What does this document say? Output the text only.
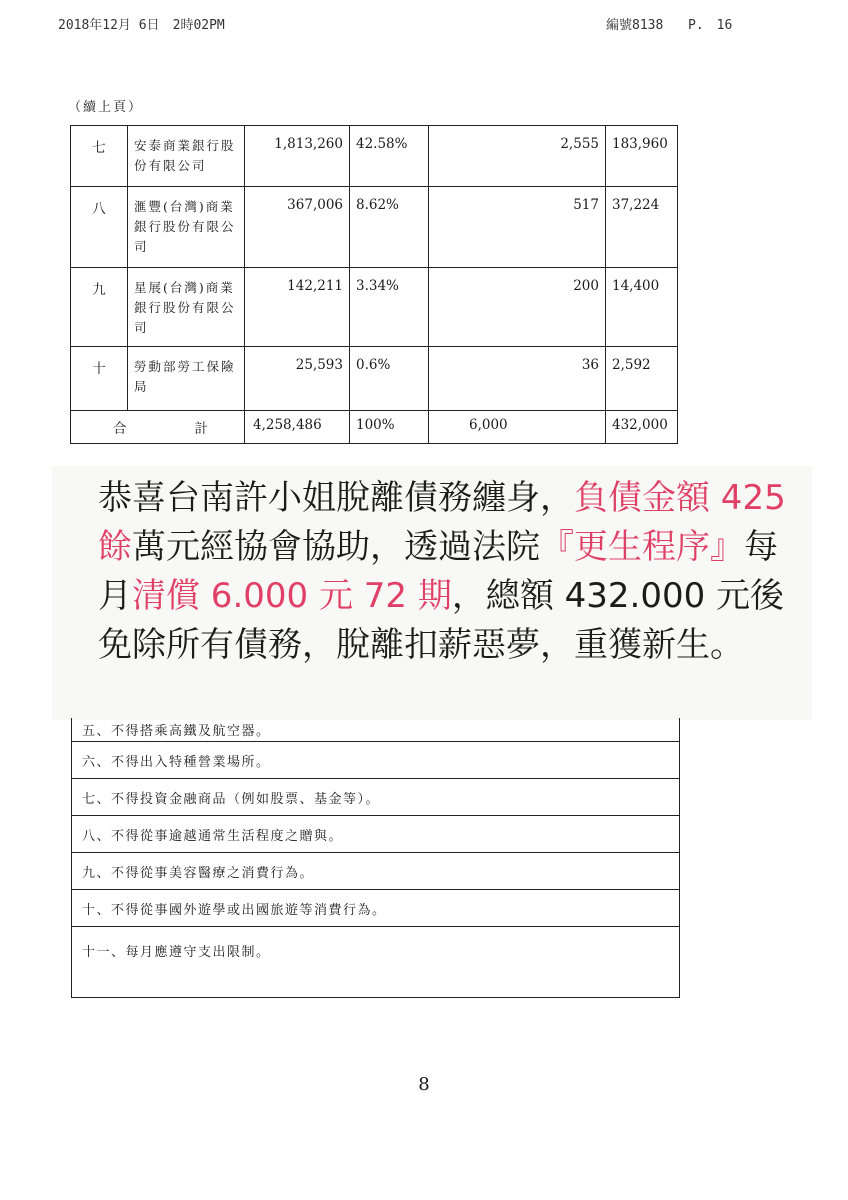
2018年12月 6日　2時02PM	編號8138 P.　16
（續上頁）
七	安泰商業銀行股份有限公司	1,813,260	42.58%	2,555	183,960
八	滙豐(台灣)商業銀行股份有限公司	367,006	8.62%	517	37,224
九	星展(台灣)商業銀行股份有限公司	142,211	3.34%	200	14,400
十	勞動部勞工保險局	25,593	0.6%	36	2,592

合 計		4,258,486	100%	6,000	432,000

恭喜台南許小姐脫離債務纏身，負債金額 425 餘萬元經協會協助，透過法院『更生程序』每月清償 6.000 元 72 期，總額 432.000 元後免除所有債務，脫離扣薪惡夢，重獲新生。

五、不得搭乘高鐵及航空器。
六、不得出入特種營業場所。
七、不得投資金融商品（例如股票、基金等）。
八、不得從事逾越通常生活程度之贈與。
九、不得從事美容醫療之消費行為。
十、不得從事國外遊學或出國旅遊等消費行為。
十一、每月應遵守支出限制。
8
